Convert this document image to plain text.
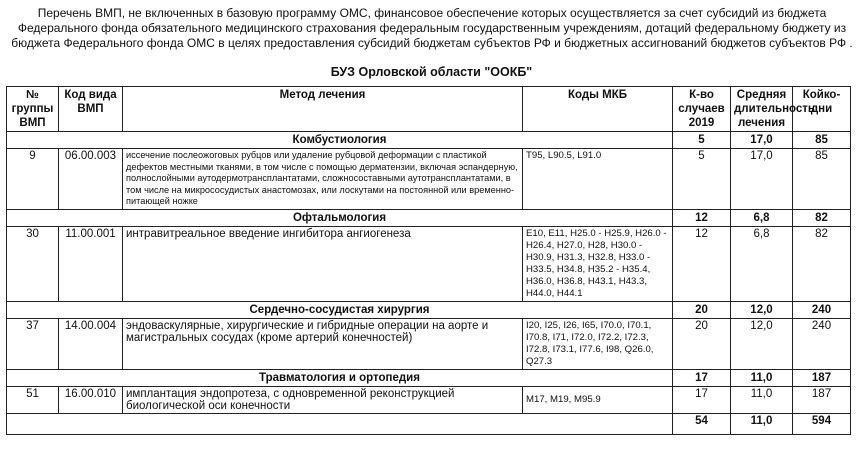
Перечень ВМП, не включенных в базовую программу ОМС, финансовое обеспечение которых осуществляется за счет субсидий из бюджета Федерального фонда обязательного медицинского страхования федеральным государственным учреждениям, дотаций федеральному бюджету из бюджета Федерального фонда ОМС в целях предоставления субсидий бюджетам субъектов РФ и бюджетных ассигнований бюджетов субъектов РФ .
БУЗ Орловской области "ООКБ"
№ группы ВМП	Код вида ВМП	Метод лечения	Коды МКБ	К-во случаев 2019	Средняя длительность лечения	Койко-дни
Комбустиология				5	17,0	85
9	06.00.003	иссечение послеожоговых рубцов или удаление рубцовой деформации с пластикой дефектов местными тканями, в том числе с помощью дерматензии, включая эспандерную, полнослойными аутодермотрансплантатами, сложносоставными аутотрансплантатами, в том числе на микрососудистых анастомозах, или лоскутами на постоянной или временно-питающей ножке	T95, L90.5, L91.0	5	17,0	85
Офтальмология				12	6,8	82
30	11.00.001	интравитреальное введение ингибитора ангиогенеза	E10, E11, H25.0 - H25.9, H26.0 - H26.4, H27.0, H28, H30.0 - H30.9, H31.3, H32.8, H33.0 - H33.5, H34.8, H35.2 - H35.4, H36.0, H36.8, H43.1, H43.3, H44.0, H44.1	12	6,8	82
Сердечно-сосудистая хирургия				20	12,0	240
37	14.00.004	эндоваскулярные, хирургические и гибридные операции на аорте и магистральных сосудах (кроме артерий конечностей)	I20, I25, I26, I65, I70.0, I70.1, I70.8, I71, I72.0, I72.2, I72.3, I72.8, I73.1, I77.6, I98, Q26.0, Q27.3	20	12,0	240
Травматология и ортопедия				17	11,0	187
51	16.00.010	имплантация эндопротеза, с одновременной реконструкцией биологической оси конечности	M17, M19, M95.9	17	11,0	187
				54	11,0	594
